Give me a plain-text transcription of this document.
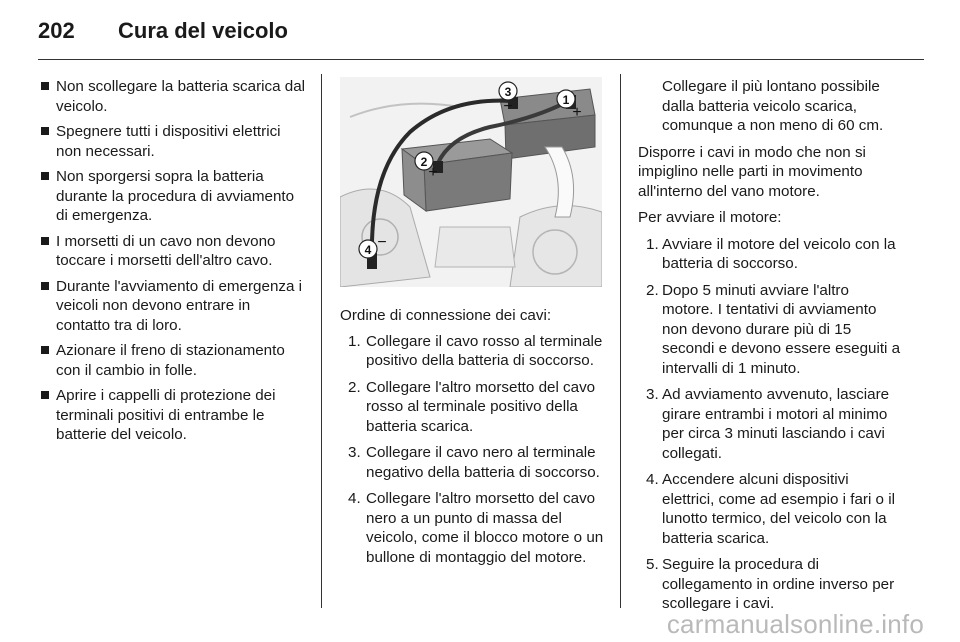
202	Cura del veicolo
Non scollegare la batteria scarica dal veicolo.
Spegnere tutti i dispositivi elettrici non necessari.
Non sporgersi sopra la batteria durante la procedura di avviamento di emergenza.
I morsetti di un cavo non devono toccare i morsetti dell'altro cavo.
Durante l'avviamento di emergenza i veicoli non devono entrare in contatto tra di loro.
Azionare il freno di stazionamento con il cambio in folle.
Aprire i cappelli di protezione dei terminali positivi di entrambe le batterie del veicolo.
1
+
2
+
3
−
4 −

Ordine di connessione dei cavi:

1. Collegare il cavo rosso al terminale positivo della batteria di soccorso.
2. Collegare l'altro morsetto del cavo rosso al terminale positivo della batteria scarica.
3. Collegare il cavo nero al terminale negativo della batteria di soccorso.
4. Collegare l'altro morsetto del cavo nero a un punto di massa del veicolo, come il blocco motore o un bullone di montaggio del motore.
Collegare il più lontano possibile dalla batteria veicolo scarica, comunque a non meno di 60 cm.

Disporre i cavi in modo che non si impiglino nelle parti in movimento all'interno del vano motore.

Per avviare il motore:

1. Avviare il motore del veicolo con la batteria di soccorso.
2. Dopo 5 minuti avviare l'altro motore. I tentativi di avviamento non devono durare più di 15 secondi e devono essere eseguiti a intervalli di 1 minuto.
3. Ad avviamento avvenuto, lasciare girare entrambi i motori al minimo per circa 3 minuti lasciando i cavi collegati.
4. Accendere alcuni dispositivi elettrici, come ad esempio i fari o il lunotto termico, del veicolo con la batteria scarica.
5. Seguire la procedura di collegamento in ordine inverso per scollegare i cavi.
carmanualsonline.info
